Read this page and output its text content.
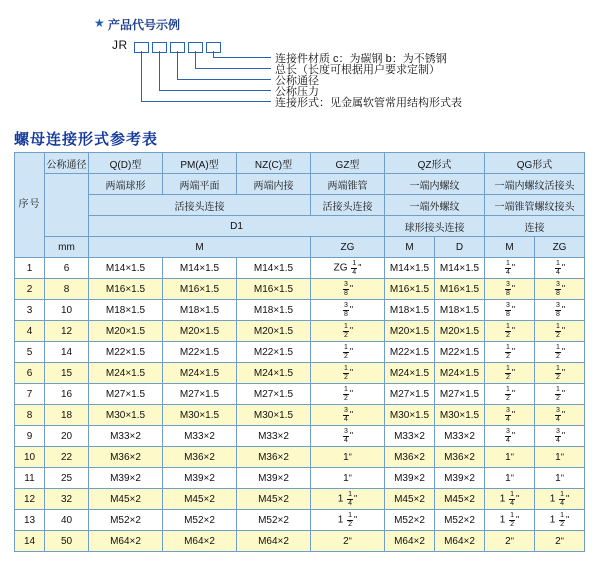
★ 产品代号示例
JR
连接件材质 c：为碳钢 b：为不锈钢
总长（长度可根据用户要求定制）
公称通径
公称压力
连接形式：见金属软管常用结构形式表
螺母连接形式参考表
序号	公称通径	Q(D)型	PM(A)型	NZ(C)型	GZ型	QZ形式		QG形式	
		两端球形	两端平面	两端内接	两端锥管	一端内螺纹		一端内螺纹活接头	
		活接头连接			活接头连接	一端外螺纹		一端锥管螺纹接头	
		D1				球形接头连接		连接	
	mm	M			ZG	M	D	M	ZG
1	6	M14×1.5	M14×1.5	M14×1.5	ZG $\frac{1}{4}$ "	M14×1.5	M14×1.5	$\frac{1}{4}$ "	$\frac{1}{4}$ "
2	8	M16×1.5	M16×1.5	M16×1.5	$\frac{3}{8}$ "	M16×1.5	M16×1.5	$\frac{3}{8}$ "	$\frac{3}{8}$ "
3	10	M18×1.5	M18×1.5	M18×1.5	$\frac{3}{8}$ "	M18×1.5	M18×1.5	$\frac{3}{8}$ "	$\frac{3}{8}$ "
4	12	M20×1.5	M20×1.5	M20×1.5	$\frac{1}{2}$ "	M20×1.5	M20×1.5	$\frac{1}{2}$ "	$\frac{1}{2}$ "
5	14	M22×1.5	M22×1.5	M22×1.5	$\frac{1}{2}$ "	M22×1.5	M22×1.5	$\frac{1}{2}$ "	$\frac{1}{2}$ "
6	15	M24×1.5	M24×1.5	M24×1.5	$\frac{1}{2}$ "	M24×1.5	M24×1.5	$\frac{1}{2}$ "	$\frac{1}{2}$ "
7	16	M27×1.5	M27×1.5	M27×1.5	$\frac{1}{2}$ "	M27×1.5	M27×1.5	$\frac{1}{2}$ "	$\frac{1}{2}$ "
8	18	M30×1.5	M30×1.5	M30×1.5	$\frac{3}{4}$ "	M30×1.5	M30×1.5	$\frac{3}{4}$ "	$\frac{3}{4}$ "
9	20	M33×2	M33×2	M33×2	$\frac{3}{4}$ "	M33×2	M33×2	$\frac{3}{4}$ "	$\frac{3}{4}$ "
10	22	M36×2	M36×2	M36×2	1"	M36×2	M36×2	1"	1"
11	25	M39×2	M39×2	M39×2	1"	M39×2	M39×2	1"	1"
12	32	M45×2	M45×2	M45×2	$1 \frac{1}{4}$ "	M45×2	M45×2	$1 \frac{1}{4}$ "	$1 \frac{1}{4}$ "
13	40	M52×2	M52×2	M52×2	$1 \frac{1}{2}$ "	M52×2	M52×2	$1 \frac{1}{2}$ "	$1 \frac{1}{2}$ "
14	50	M64×2	M64×2	M64×2	2"	M64×2	M64×2	2"	2"
